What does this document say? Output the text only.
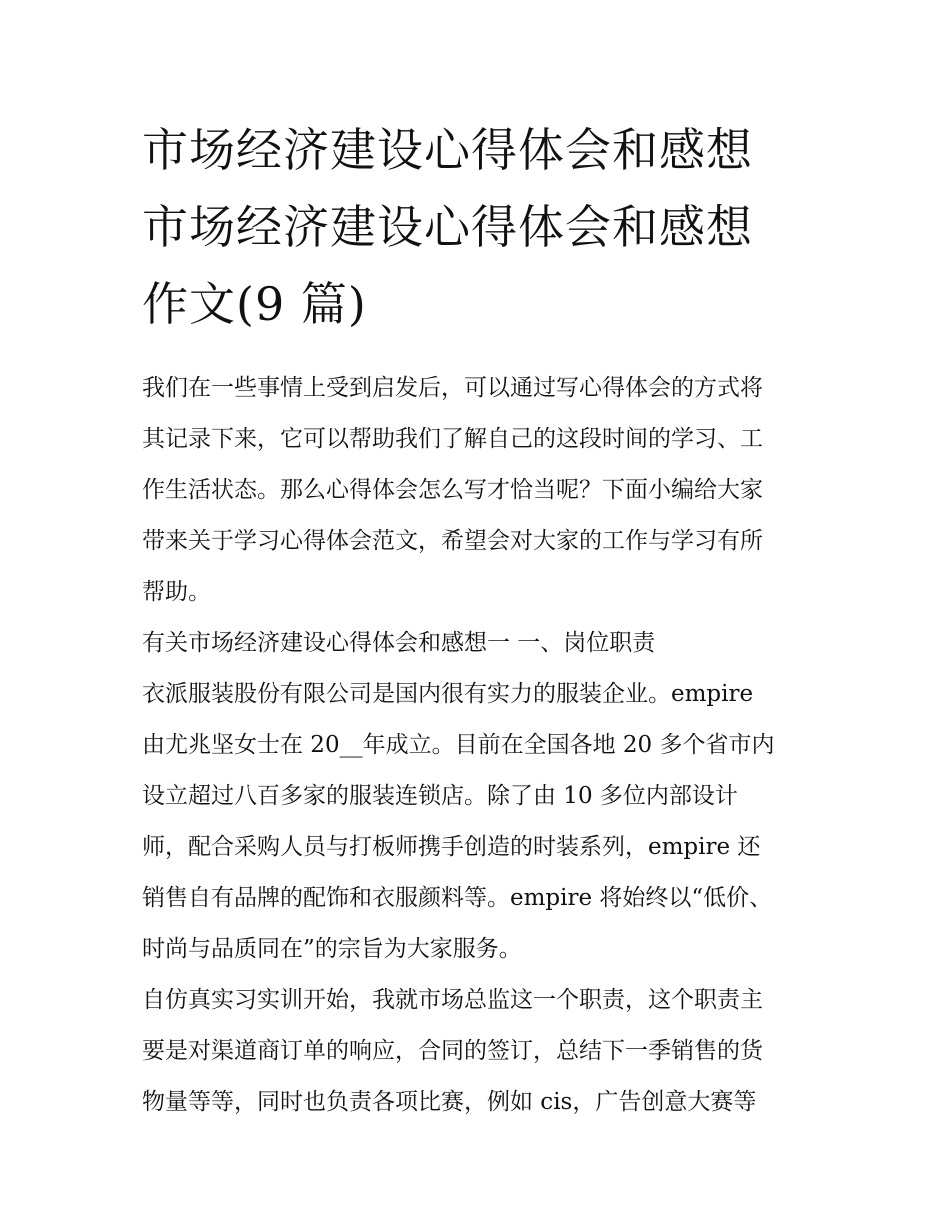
市场经济建设心得体会和感想
市场经济建设心得体会和感想
作文(9 篇)
我们在一些事情上受到启发后，可以通过写心得体会的方式将
其记录下来，它可以帮助我们了解自己的这段时间的学习、工
作生活状态。那么心得体会怎么写才恰当呢？下面小编给大家
带来关于学习心得体会范文，希望会对大家的工作与学习有所
帮助。
有关市场经济建设心得体会和感想一 一、岗位职责
衣派服装股份有限公司是国内很有实力的服装企业。empire
由尤兆坚女士在 20__年成立。目前在全国各地 20 多个省市内
设立超过八百多家的服装连锁店。除了由 10 多位内部设计
师，配合采购人员与打板师携手创造的时装系列，empire 还
销售自有品牌的配饰和衣服颜料等。empire 将始终以“低价、
时尚与品质同在”的宗旨为大家服务。
自仿真实习实训开始，我就市场总监这一个职责，这个职责主
要是对渠道商订单的响应，合同的签订，总结下一季销售的货
物量等等，同时也负责各项比赛，例如 cis，广告创意大赛等
